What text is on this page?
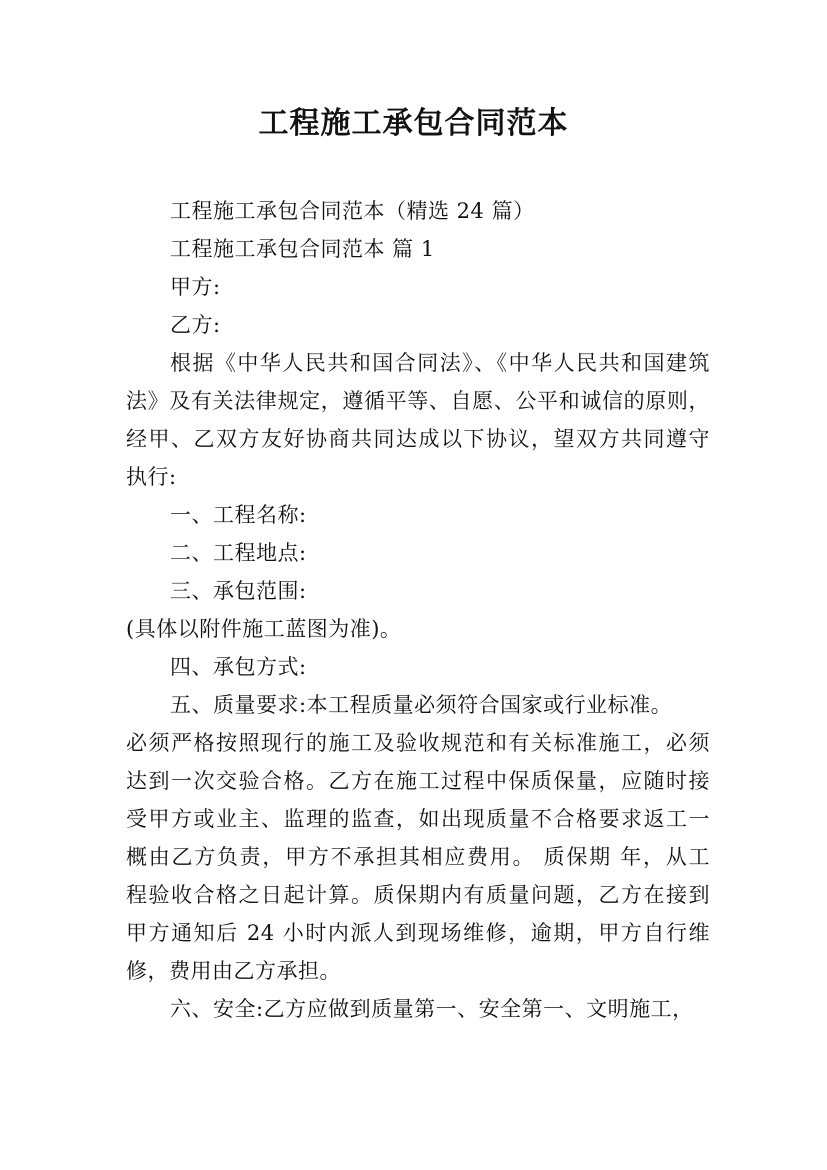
工程施工承包合同范本

工程施工承包合同范本（精选 24 篇）

工程施工承包合同范本 篇 1

甲方:

乙方:

根据《中华人民共和国合同法》、《中华人民共和国建筑

法》及有关法律规定，遵循平等、自愿、公平和诚信的原则，

经甲、乙双方友好协商共同达成以下协议，望双方共同遵守

执行:

一、工程名称:

二、工程地点:

三、承包范围:

(具体以附件施工蓝图为准)。

四、承包方式:

五、质量要求:本工程质量必须符合国家或行业标准。

必须严格按照现行的施工及验收规范和有关标准施工，必须

达到一次交验合格。乙方在施工过程中保质保量，应随时接

受甲方或业主、监理的监查，如出现质量不合格要求返工一

概由乙方负责，甲方不承担其相应费用。 质保期 年，从工

程验收合格之日起计算。质保期内有质量问题，乙方在接到

甲方通知后 24 小时内派人到现场维修，逾期，甲方自行维

修，费用由乙方承担。

六、安全:乙方应做到质量第一、安全第一、文明施工，
